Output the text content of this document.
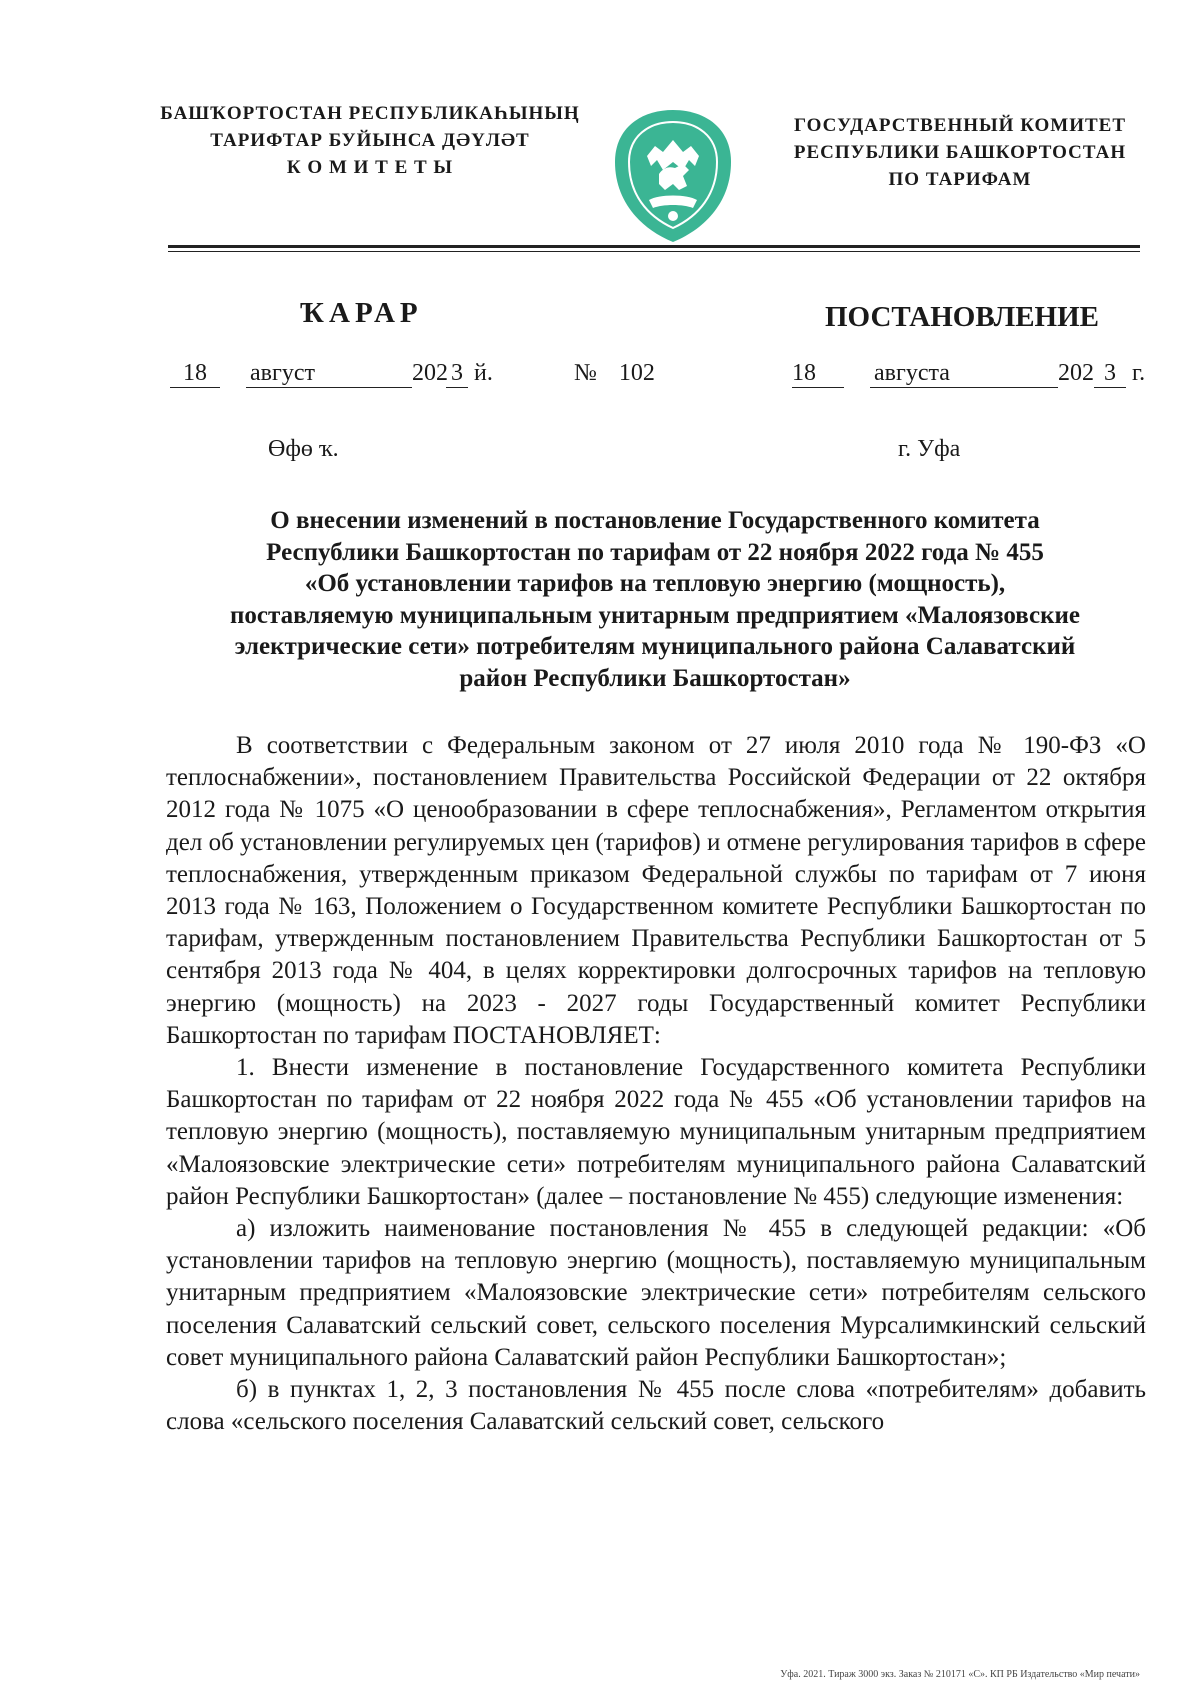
БАШҠОРТОСТАН РЕСПУБЛИКАҺЫНЫҢ
ТАРИФТАР БУЙЫНСА ДӘҮЛӘТ
К О М И Т Е Т Ы
ГОСУДАРСТВЕННЫЙ КОМИТЕТ
РЕСПУБЛИКИ БАШКОРТОСТАН
ПО ТАРИФАМ
ҠАРАР	ПОСТАНОВЛЕНИЕ
18 август	202 3 й.	№ 102	18 августа	202 3 г.
Өфө ҡ.	г. Уфа
О внесении изменений в постановление Государственного комитета
Республики Башкортостан по тарифам от 22 ноября 2022 года № 455
«Об установлении тарифов на тепловую энергию (мощность),
поставляемую муниципальным унитарным предприятием «Малоязовские
электрические сети» потребителям муниципального района Салаватский
район Республики Башкортостан»

В соответствии с Федеральным законом от 27 июля 2010 года № 190-ФЗ «О теплоснабжении», постановлением Правительства Российской Федерации от 22 октября 2012 года № 1075 «О ценообразовании в сфере теплоснабжения», Регламентом открытия дел об установлении регулируемых цен (тарифов) и отмене регулирования тарифов в сфере теплоснабжения, утвержденным приказом Федеральной службы по тарифам от 7 июня 2013 года № 163, Положением о Государственном комитете Республики Башкортостан по тарифам, утвержденным постановлением Правительства Республики Башкортостан от 5 сентября 2013 года № 404, в целях корректировки долгосрочных тарифов на тепловую энергию (мощность) на 2023 - 2027 годы Государственный комитет Республики Башкортостан по тарифам ПОСТАНОВЛЯЕТ:

1. Внести изменение в постановление Государственного комитета Республики Башкортостан по тарифам от 22 ноября 2022 года № 455 «Об установлении тарифов на тепловую энергию (мощность), поставляемую муниципальным унитарным предприятием «Малоязовские электрические сети» потребителям муниципального района Салаватский район Республики Башкортостан» (далее – постановление № 455) следующие изменения:

а) изложить наименование постановления № 455 в следующей редакции: «Об установлении тарифов на тепловую энергию (мощность), поставляемую муниципальным унитарным предприятием «Малоязовские электрические сети» потребителям сельского поселения Салаватский сельский совет, сельского поселения Мурсалимкинский сельский совет муниципального района Салаватский район Республики Башкортостан»;

б) в пунктах 1, 2, 3 постановления № 455 после слова «потребителям» добавить слова «сельского поселения Салаватский сельский совет, сельского

Уфа. 2021. Тираж 3000 экз. Заказ № 210171 «С». КП РБ Издательство «Мир печати»
